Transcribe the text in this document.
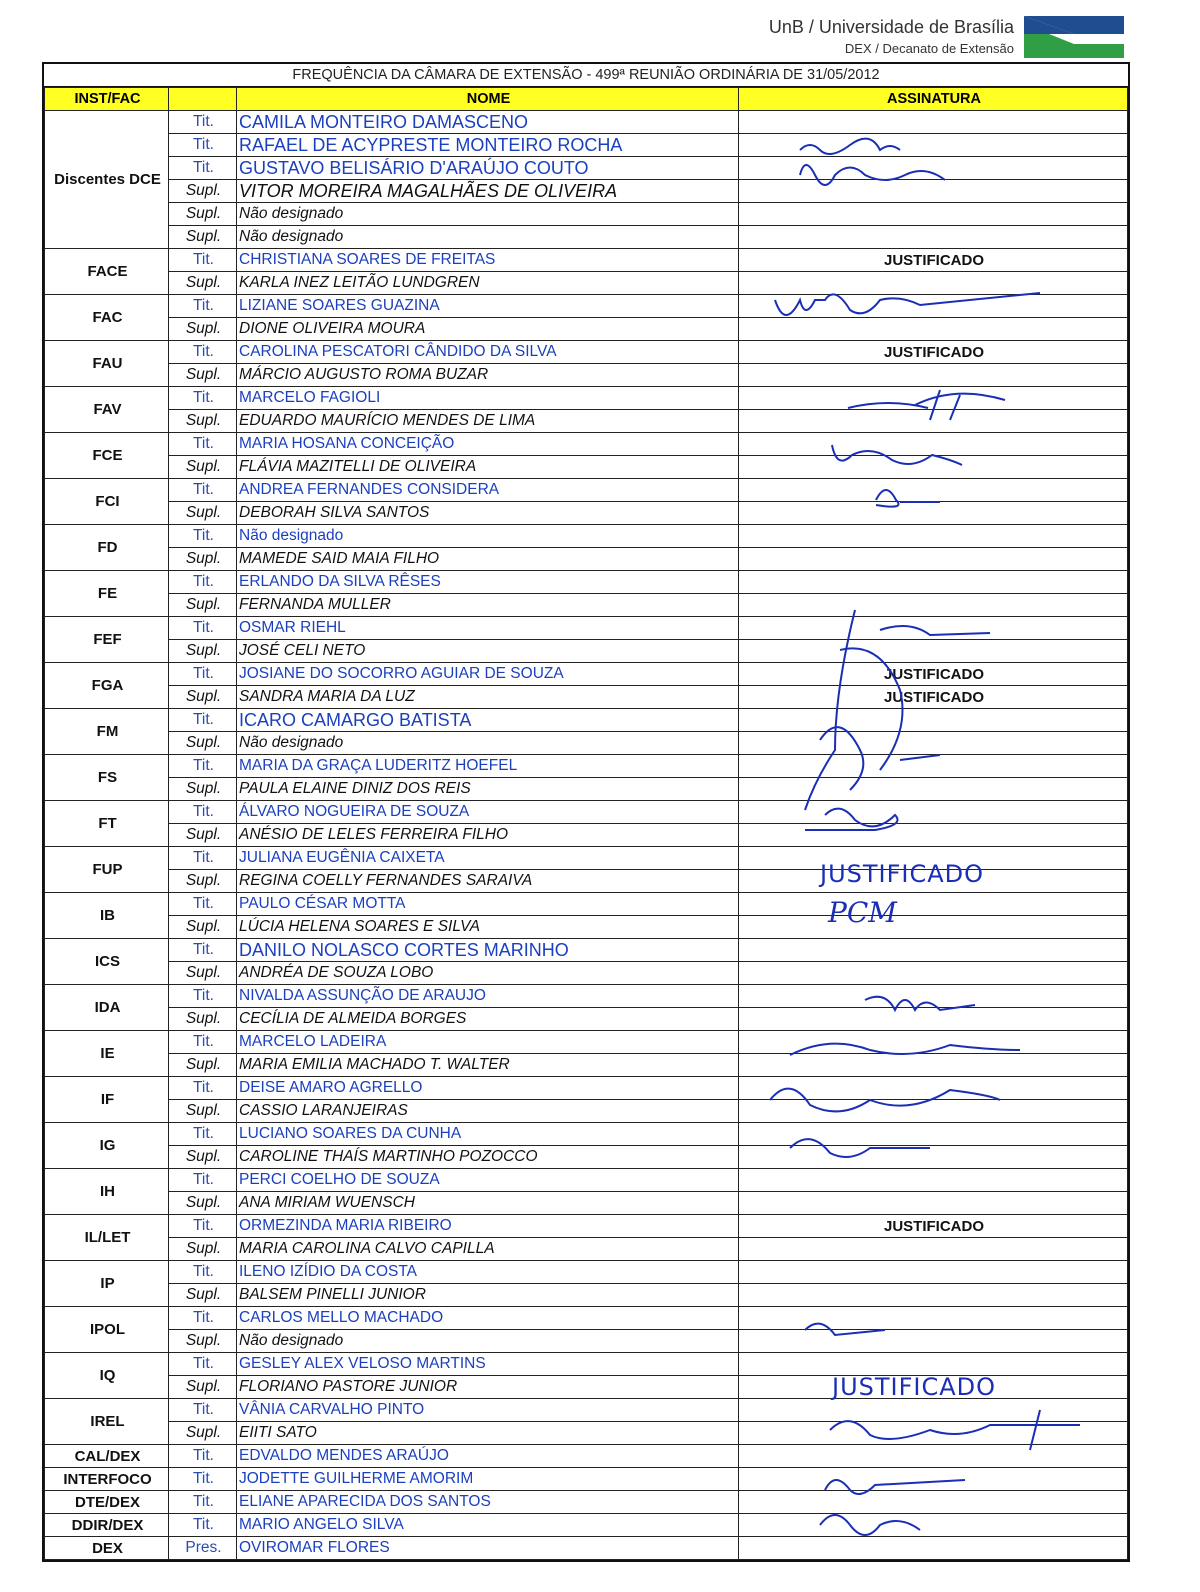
UnB / Universidade de Brasília
DEX / Decanato de Extensão
FREQUÊNCIA DA CÂMARA DE EXTENSÃO - 499ª REUNIÃO ORDINÁRIA DE 31/05/2012
INST/FAC		NOME	ASSINATURA
Discentes DCE	Tit.	CAMILA MONTEIRO DAMASCENO	
	Tit.	RAFAEL DE ACYPRESTE MONTEIRO ROCHA	
	Tit.	GUSTAVO BELISÁRIO D'ARAÚJO COUTO	
	Supl.	VITOR MOREIRA MAGALHÃES DE OLIVEIRA	
	Supl.	Não designado	
	Supl.	Não designado	
FACE	Tit.	CHRISTIANA SOARES DE FREITAS	JUSTIFICADO
	Supl.	KARLA INEZ LEITÃO LUNDGREN	
FAC	Tit.	LIZIANE SOARES GUAZINA	
	Supl.	DIONE OLIVEIRA MOURA	
FAU	Tit.	CAROLINA PESCATORI CÂNDIDO DA SILVA	JUSTIFICADO
	Supl.	MÁRCIO AUGUSTO ROMA BUZAR	
FAV	Tit.	MARCELO FAGIOLI	
	Supl.	EDUARDO MAURÍCIO MENDES DE LIMA	
FCE	Tit.	MARIA HOSANA CONCEIÇÃO	
	Supl.	FLÁVIA MAZITELLI DE OLIVEIRA	
FCI	Tit.	ANDREA FERNANDES CONSIDERA	
	Supl.	DEBORAH SILVA SANTOS	
FD	Tit.	Não designado	
	Supl.	MAMEDE SAID MAIA FILHO	
FE	Tit.	ERLANDO DA SILVA RÊSES	
	Supl.	FERNANDA MULLER	
FEF	Tit.	OSMAR RIEHL	
	Supl.	JOSÉ CELI NETO	
FGA	Tit.	JOSIANE DO SOCORRO AGUIAR DE SOUZA	JUSTIFICADO
	Supl.	SANDRA MARIA DA LUZ	JUSTIFICADO
FM	Tit.	ICARO CAMARGO BATISTA	
	Supl.	Não designado	
FS	Tit.	MARIA DA GRAÇA LUDERITZ HOEFEL	
	Supl.	PAULA ELAINE DINIZ DOS REIS	
FT	Tit.	ÁLVARO NOGUEIRA DE SOUZA	
	Supl.	ANÉSIO DE LELES FERREIRA FILHO	
FUP	Tit.	JULIANA EUGÊNIA CAIXETA	
	Supl.	REGINA COELLY FERNANDES SARAIVA	
IB	Tit.	PAULO CÉSAR MOTTA	
	Supl.	LÚCIA HELENA SOARES E SILVA	
ICS	Tit.	DANILO NOLASCO CORTES MARINHO	
	Supl.	ANDRÉA DE SOUZA LOBO	
IDA	Tit.	NIVALDA ASSUNÇÃO DE ARAUJO	
	Supl.	CECÍLIA DE ALMEIDA BORGES	
IE	Tit.	MARCELO LADEIRA	
	Supl.	MARIA EMILIA MACHADO T. WALTER	
IF	Tit.	DEISE AMARO AGRELLO	
	Supl.	CASSIO LARANJEIRAS	
IG	Tit.	LUCIANO SOARES DA CUNHA	
	Supl.	CAROLINE THAÍS MARTINHO POZOCCO	
IH	Tit.	PERCI COELHO DE SOUZA	
	Supl.	ANA MIRIAM WUENSCH	
IL/LET	Tit.	ORMEZINDA MARIA RIBEIRO	JUSTIFICADO
	Supl.	MARIA CAROLINA CALVO CAPILLA	
IP	Tit.	ILENO IZÍDIO DA COSTA	
	Supl.	BALSEM PINELLI JUNIOR	
IPOL	Tit.	CARLOS MELLO MACHADO	
	Supl.	Não designado	
IQ	Tit.	GESLEY ALEX VELOSO MARTINS	
	Supl.	FLORIANO PASTORE JUNIOR	
IREL	Tit.	VÂNIA CARVALHO PINTO	
	Supl.	EIITI SATO	
CAL/DEX	Tit.	EDVALDO MENDES ARAÚJO	
INTERFOCO	Tit.	JODETTE GUILHERME AMORIM	
DTE/DEX	Tit.	ELIANE APARECIDA DOS SANTOS	
DDIR/DEX	Tit.	MARIO ANGELO SILVA	
DEX	Pres.	OVIROMAR FLORES	
JUSTIFICADO
PCM
JUSTIFICADO
